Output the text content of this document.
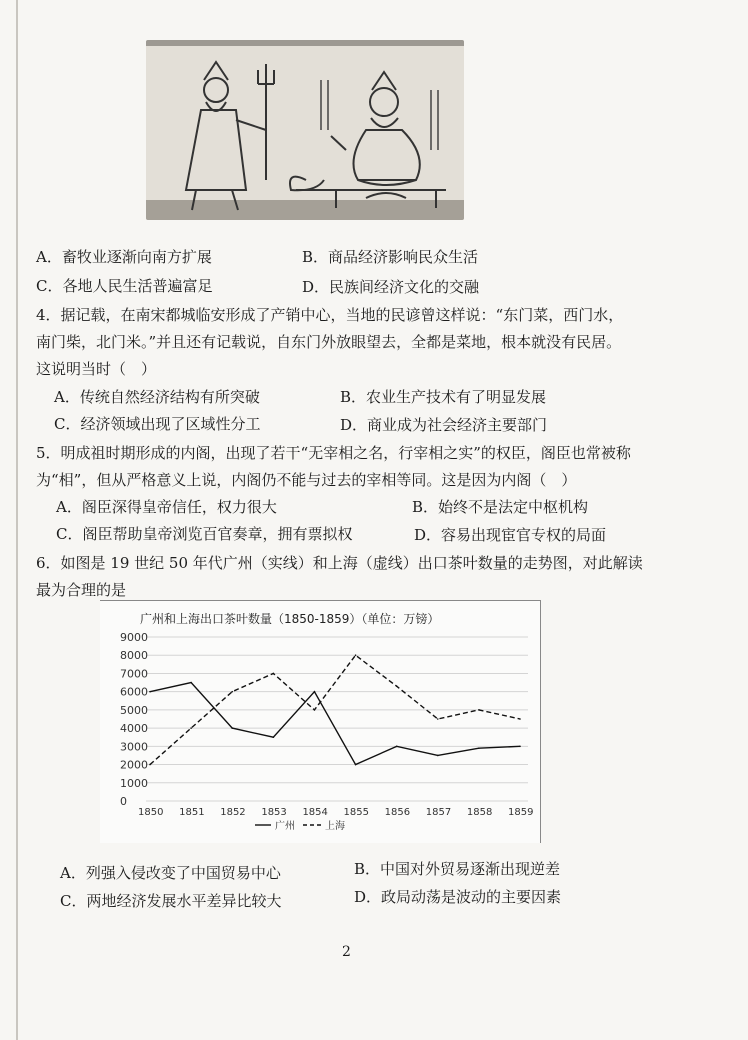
A．畜牧业逐渐向南方扩展	B．商品经济影响民众生活
C．各地人民生活普遍富足	D．民族间经济文化的交融
4．据记载，在南宋都城临安形成了产销中心，当地的民谚曾这样说：“东门菜，西门水，
南门柴，北门米。”并且还有记载说，自东门外放眼望去，全都是菜地，根本就没有民居。
这说明当时（　）
A．传统自然经济结构有所突破	B．农业生产技术有了明显发展
C．经济领域出现了区域性分工	D．商业成为社会经济主要部门
5．明成祖时期形成的内阁，出现了若干“无宰相之名，行宰相之实”的权臣，阁臣也常被称
为“相”，但从严格意义上说，内阁仍不能与过去的宰相等同。这是因为内阁（　）
A．阁臣深得皇帝信任，权力很大	B．始终不是法定中枢机构
C．阁臣帮助皇帝浏览百官奏章，拥有票拟权	D．容易出现宦官专权的局面
6．如图是 19 世纪 50 年代广州（实线）和上海（虚线）出口茶叶数量的走势图，对此解读
最为合理的是
广州和上海出口茶叶数量（1850-1859）（单位：万镑）
9000
8000
7000
6000
5000
4000
3000
2000
1000
0
1850 1851 1852 1853 1854 1855 1856 1857 1858 1859
广州	上海
A．列强入侵改变了中国贸易中心	B．中国对外贸易逐渐出现逆差
C．两地经济发展水平差异比较大	D．政局动荡是波动的主要因素
2
